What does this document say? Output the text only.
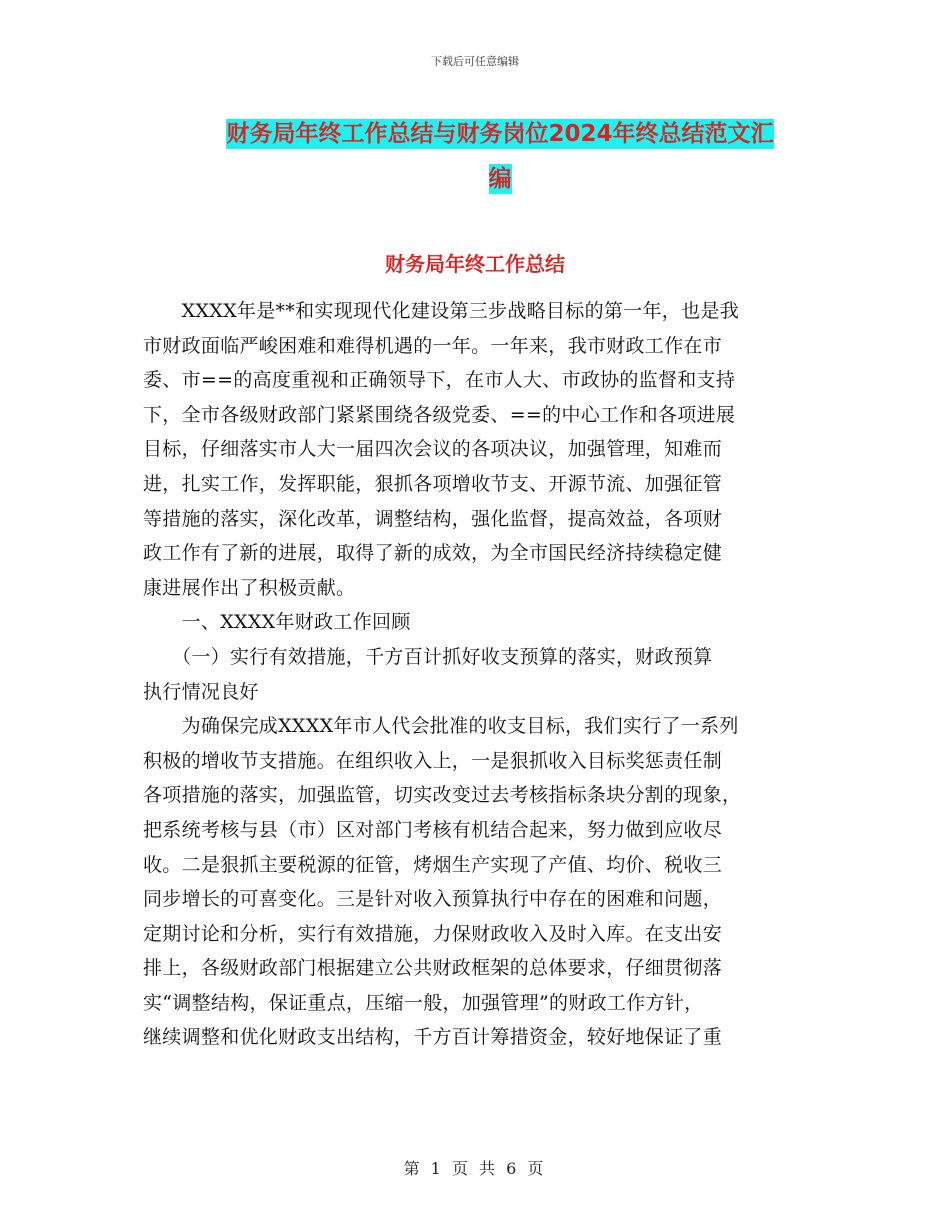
下载后可任意编辑
财务局年终工作总结与财务岗位2024年终总结范文汇
编
财务局年终工作总结
　　XXXX年是**和实现现代化建设第三步战略目标的第一年，也是我
市财政面临严峻困难和难得机遇的一年。一年来，我市财政工作在市
委、市==的高度重视和正确领导下，在市人大、市政协的监督和支持
下，全市各级财政部门紧紧围绕各级党委、==的中心工作和各项进展
目标，仔细落实市人大一届四次会议的各项决议，加强管理，知难而
进，扎实工作，发挥职能，狠抓各项增收节支、开源节流、加强征管
等措施的落实，深化改革，调整结构，强化监督，提高效益，各项财
政工作有了新的进展，取得了新的成效，为全市国民经济持续稳定健
康进展作出了积极贡献。
　　一、XXXX年财政工作回顾
　　（一）实行有效措施，千方百计抓好收支预算的落实，财政预算
执行情况良好
　　为确保完成XXXX年市人代会批准的收支目标，我们实行了一系列
积极的增收节支措施。在组织收入上，一是狠抓收入目标奖惩责任制
各项措施的落实，加强监管，切实改变过去考核指标条块分割的现象，
把系统考核与县（市）区对部门考核有机结合起来，努力做到应收尽
收。二是狠抓主要税源的征管，烤烟生产实现了产值、均价、税收三
同步增长的可喜变化。三是针对收入预算执行中存在的困难和问题，
定期讨论和分析，实行有效措施，力保财政收入及时入库。在支出安
排上，各级财政部门根据建立公共财政框架的总体要求，仔细贯彻落
实“调整结构，保证重点，压缩一般，加强管理”的财政工作方针，
继续调整和优化财政支出结构，千方百计筹措资金，较好地保证了重
第 1 页 共 6 页
